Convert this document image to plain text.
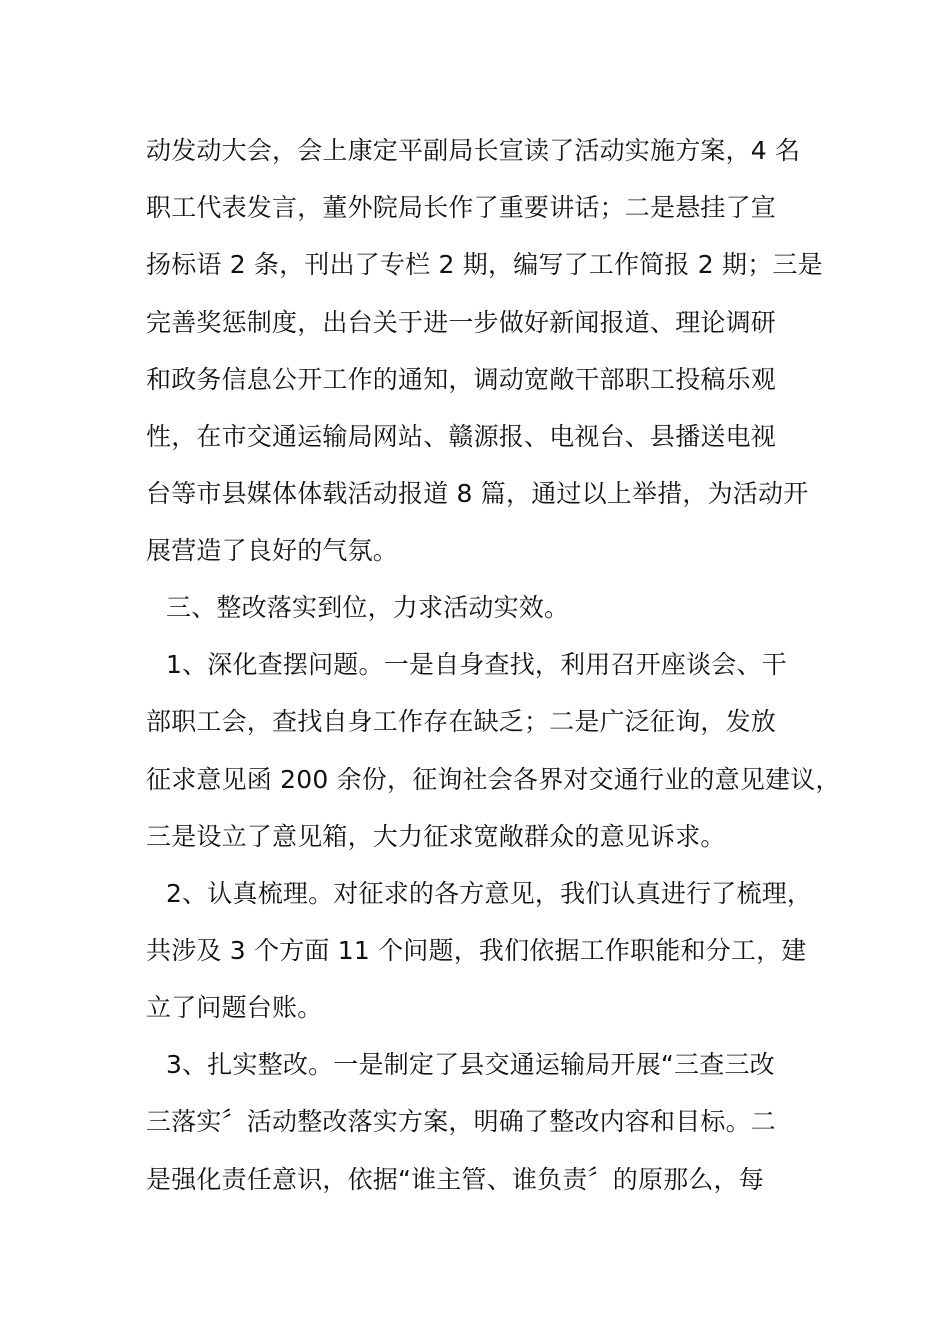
动发动大会，会上康定平副局长宣读了活动实施方案，4 名
职工代表发言，董外院局长作了重要讲话；二是悬挂了宣
扬标语 2 条，刊出了专栏 2 期，编写了工作简报 2 期；三是
完善奖惩制度，出台关于进一步做好新闻报道、理论调研
和政务信息公开工作的通知，调动宽敞干部职工投稿乐观
性，在市交通运输局网站、赣源报、电视台、县播送电视
台等市县媒体体载活动报道 8 篇，通过以上举措，为活动开
展营造了良好的气氛。
三、整改落实到位，力求活动实效。
1、深化查摆问题。一是自身查找，利用召开座谈会、干
部职工会，查找自身工作存在缺乏；二是广泛征询，发放
征求意见函 200 余份，征询社会各界对交通行业的意见建议，
三是设立了意见箱，大力征求宽敞群众的意见诉求。
2、认真梳理。对征求的各方意见，我们认真进行了梳理，
共涉及 3 个方面 11 个问题，我们依据工作职能和分工，建
立了问题台账。
3、扎实整改。一是制定了县交通运输局开展“三查三改
三落实〞活动整改落实方案，明确了整改内容和目标。二
是强化责任意识，依据“谁主管、谁负责〞的原那么，每
